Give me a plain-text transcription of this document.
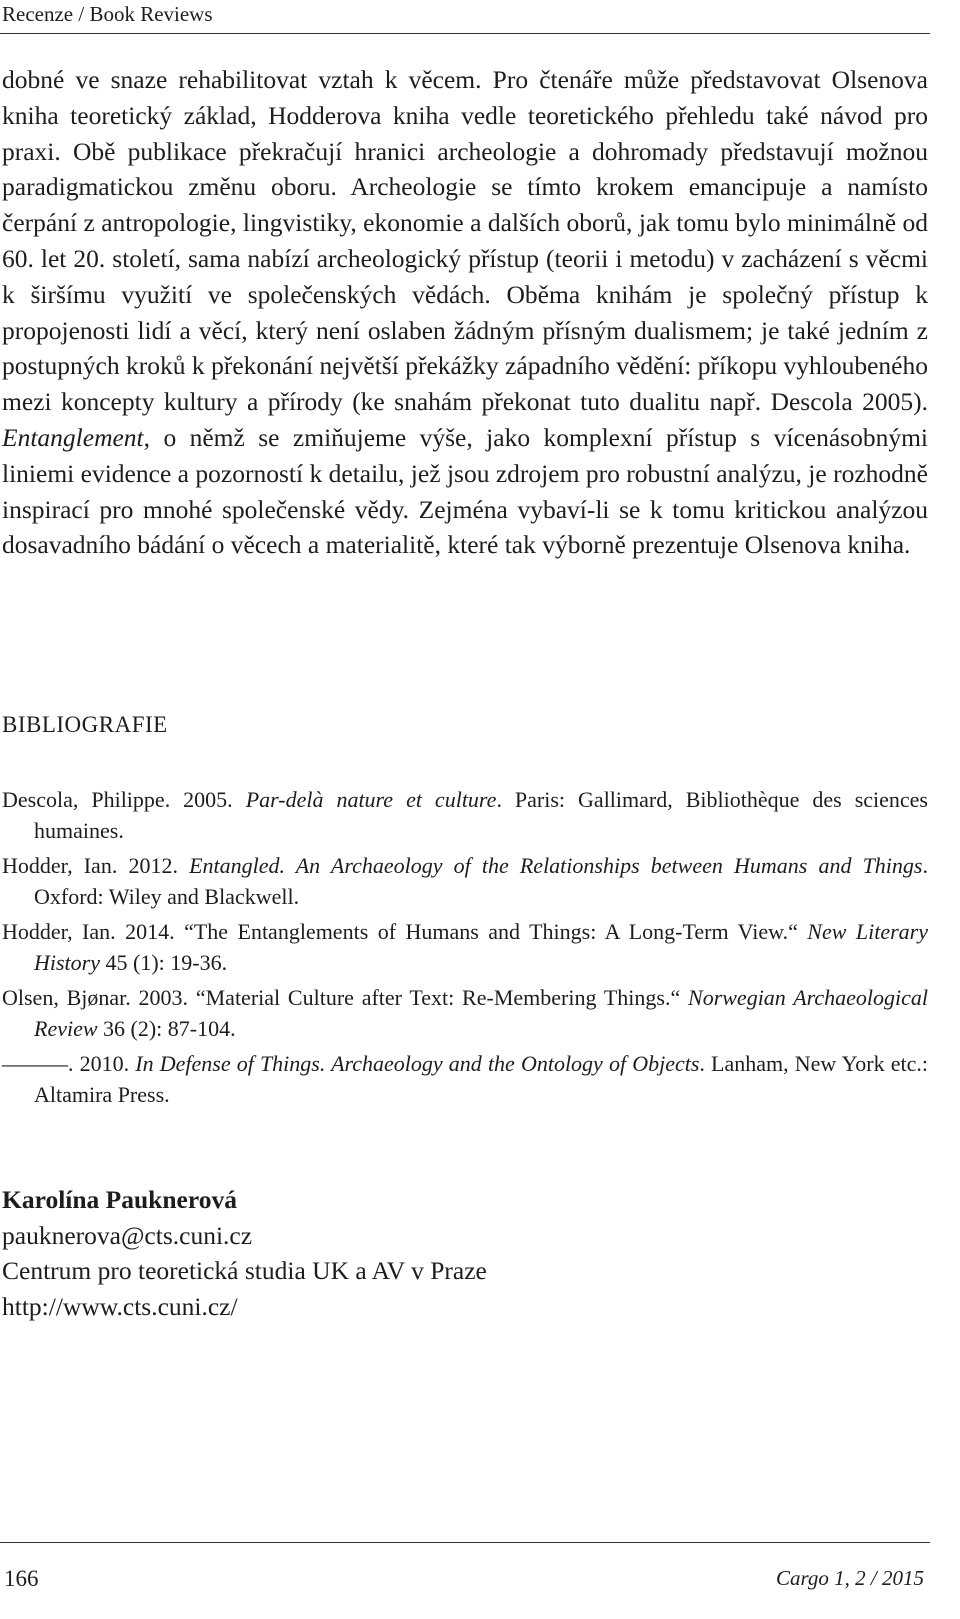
Recenze / Book Reviews

dobné ve snaze rehabilitovat vztah k věcem. Pro čtenáře může představovat Olsenova kniha teoretický základ, Hodderova kniha vedle teoretického přehledu také návod pro praxi. Obě publikace překračují hranici archeologie a dohromady představují možnou paradigmatickou změnu oboru. Archeologie se tímto krokem emancipuje a namísto čerpání z antropologie, lingvistiky, ekonomie a dalších oborů, jak tomu bylo minimálně od 60. let 20. století, sama nabízí archeologický přístup (teorii i metodu) v zacházení s věcmi k širšímu využití ve společenských vědách. Oběma knihám je společný přístup k propojenosti lidí a věcí, který není oslaben žádným přísným dualismem; je také jedním z postupných kroků k překonání největší překážky západního vědění: příkopu vyhloubeného mezi koncepty kultury a přírody (ke snahám překonat tuto dualitu např. Descola 2005). Entanglement, o němž se zmiňujeme výše, jako komplexní přístup s vícenásobnými liniemi evidence a pozorností k detailu, jež jsou zdrojem pro robustní analýzu, je rozhodně inspirací pro mnohé společenské vědy. Zejména vybaví-li se k tomu kritickou analýzou dosavadního bádání o věcech a materialitě, které tak výborně prezentuje Olsenova kniha.

BIBLIOGRAFIE

Descola, Philippe. 2005. Par-delà nature et culture. Paris: Gallimard, Bibliothèque des sciences humaines.

Hodder, Ian. 2012. Entangled. An Archaeology of the Relationships between Humans and Things. Oxford: Wiley and Blackwell.

Hodder, Ian. 2014. “The Entanglements of Humans and Things: A Long-Term View.“ New Literary History 45 (1): 19-36.

Olsen, Bjønar. 2003. “Material Culture after Text: Re-Membering Things.“ Norwegian Archaeological Review 36 (2): 87-104.

———. 2010. In Defense of Things. Archaeology and the Ontology of Objects. Lanham, New York etc.: Altamira Press.

Karolína Pauknerová
pauknerova@cts.cuni.cz
Centrum pro teoretická studia UK a AV v Praze
http://www.cts.cuni.cz/
166	Cargo 1, 2 / 2015
